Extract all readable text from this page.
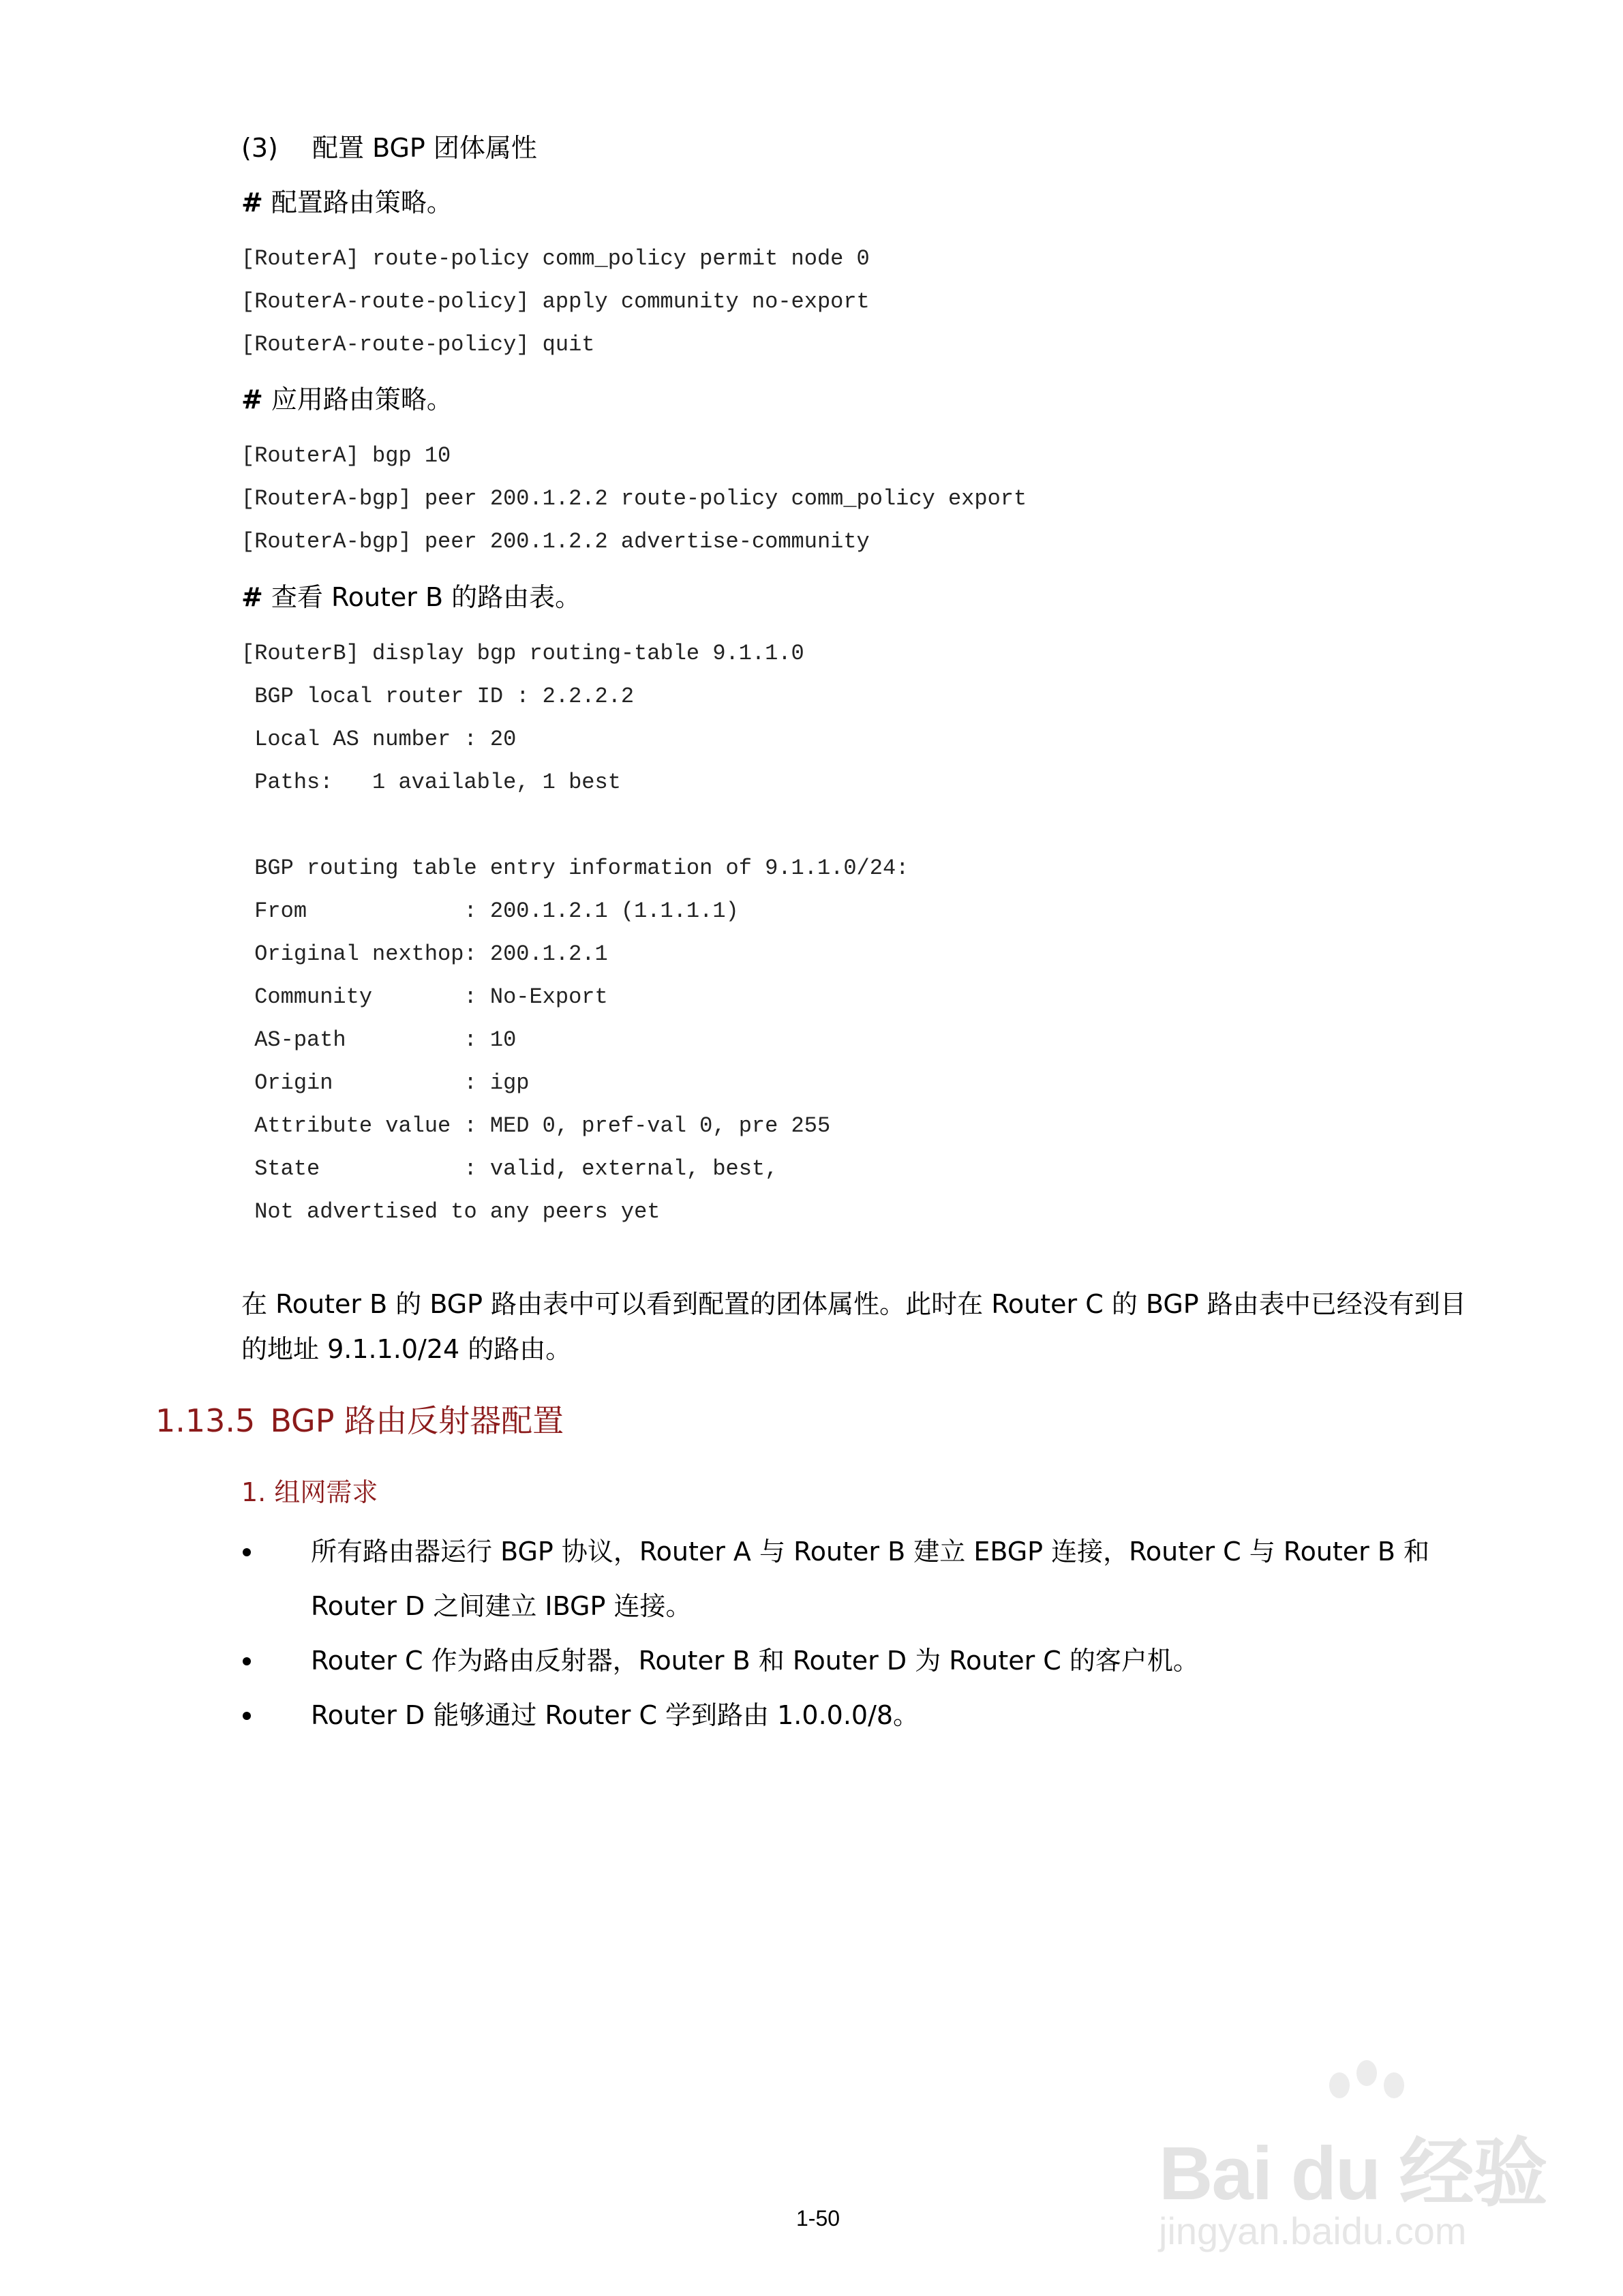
(3) 配置 BGP 团体属性
# 配置路由策略。
[RouterA] route-policy comm_policy permit node 0
[RouterA-route-policy] apply community no-export
[RouterA-route-policy] quit
# 应用路由策略。
[RouterA] bgp 10
[RouterA-bgp] peer 200.1.2.2 route-policy comm_policy export
[RouterA-bgp] peer 200.1.2.2 advertise-community
# 查看 Router B 的路由表。
[RouterB] display bgp routing-table 9.1.1.0
BGP local router ID : 2.2.2.2
Local AS number : 20
Paths:   1 available, 1 best
BGP routing table entry information of 9.1.1.0/24:
From            : 200.1.2.1 (1.1.1.1)
Original nexthop: 200.1.2.1
Community       : No-Export
AS-path         : 10
Origin          : igp
Attribute value : MED 0, pref-val 0, pre 255
State           : valid, external, best,
Not advertised to any peers yet
在 Router B 的 BGP 路由表中可以看到配置的团体属性。此时在 Router C 的 BGP 路由表中已经没有到目的地址 9.1.1.0/24 的路由。
1.13.5 BGP 路由反射器配置
1. 组网需求
所有路由器运行 BGP 协议，Router A 与 Router B 建立 EBGP 连接，Router C 与 Router B 和 Router D 之间建立 IBGP 连接。
Router C 作为路由反射器，Router B 和 Router D 为 Router C 的客户机。
Router D 能够通过 Router C 学到路由 1.0.0.0/8。
Bai du 经验
jingyan.baidu.com
1-50
